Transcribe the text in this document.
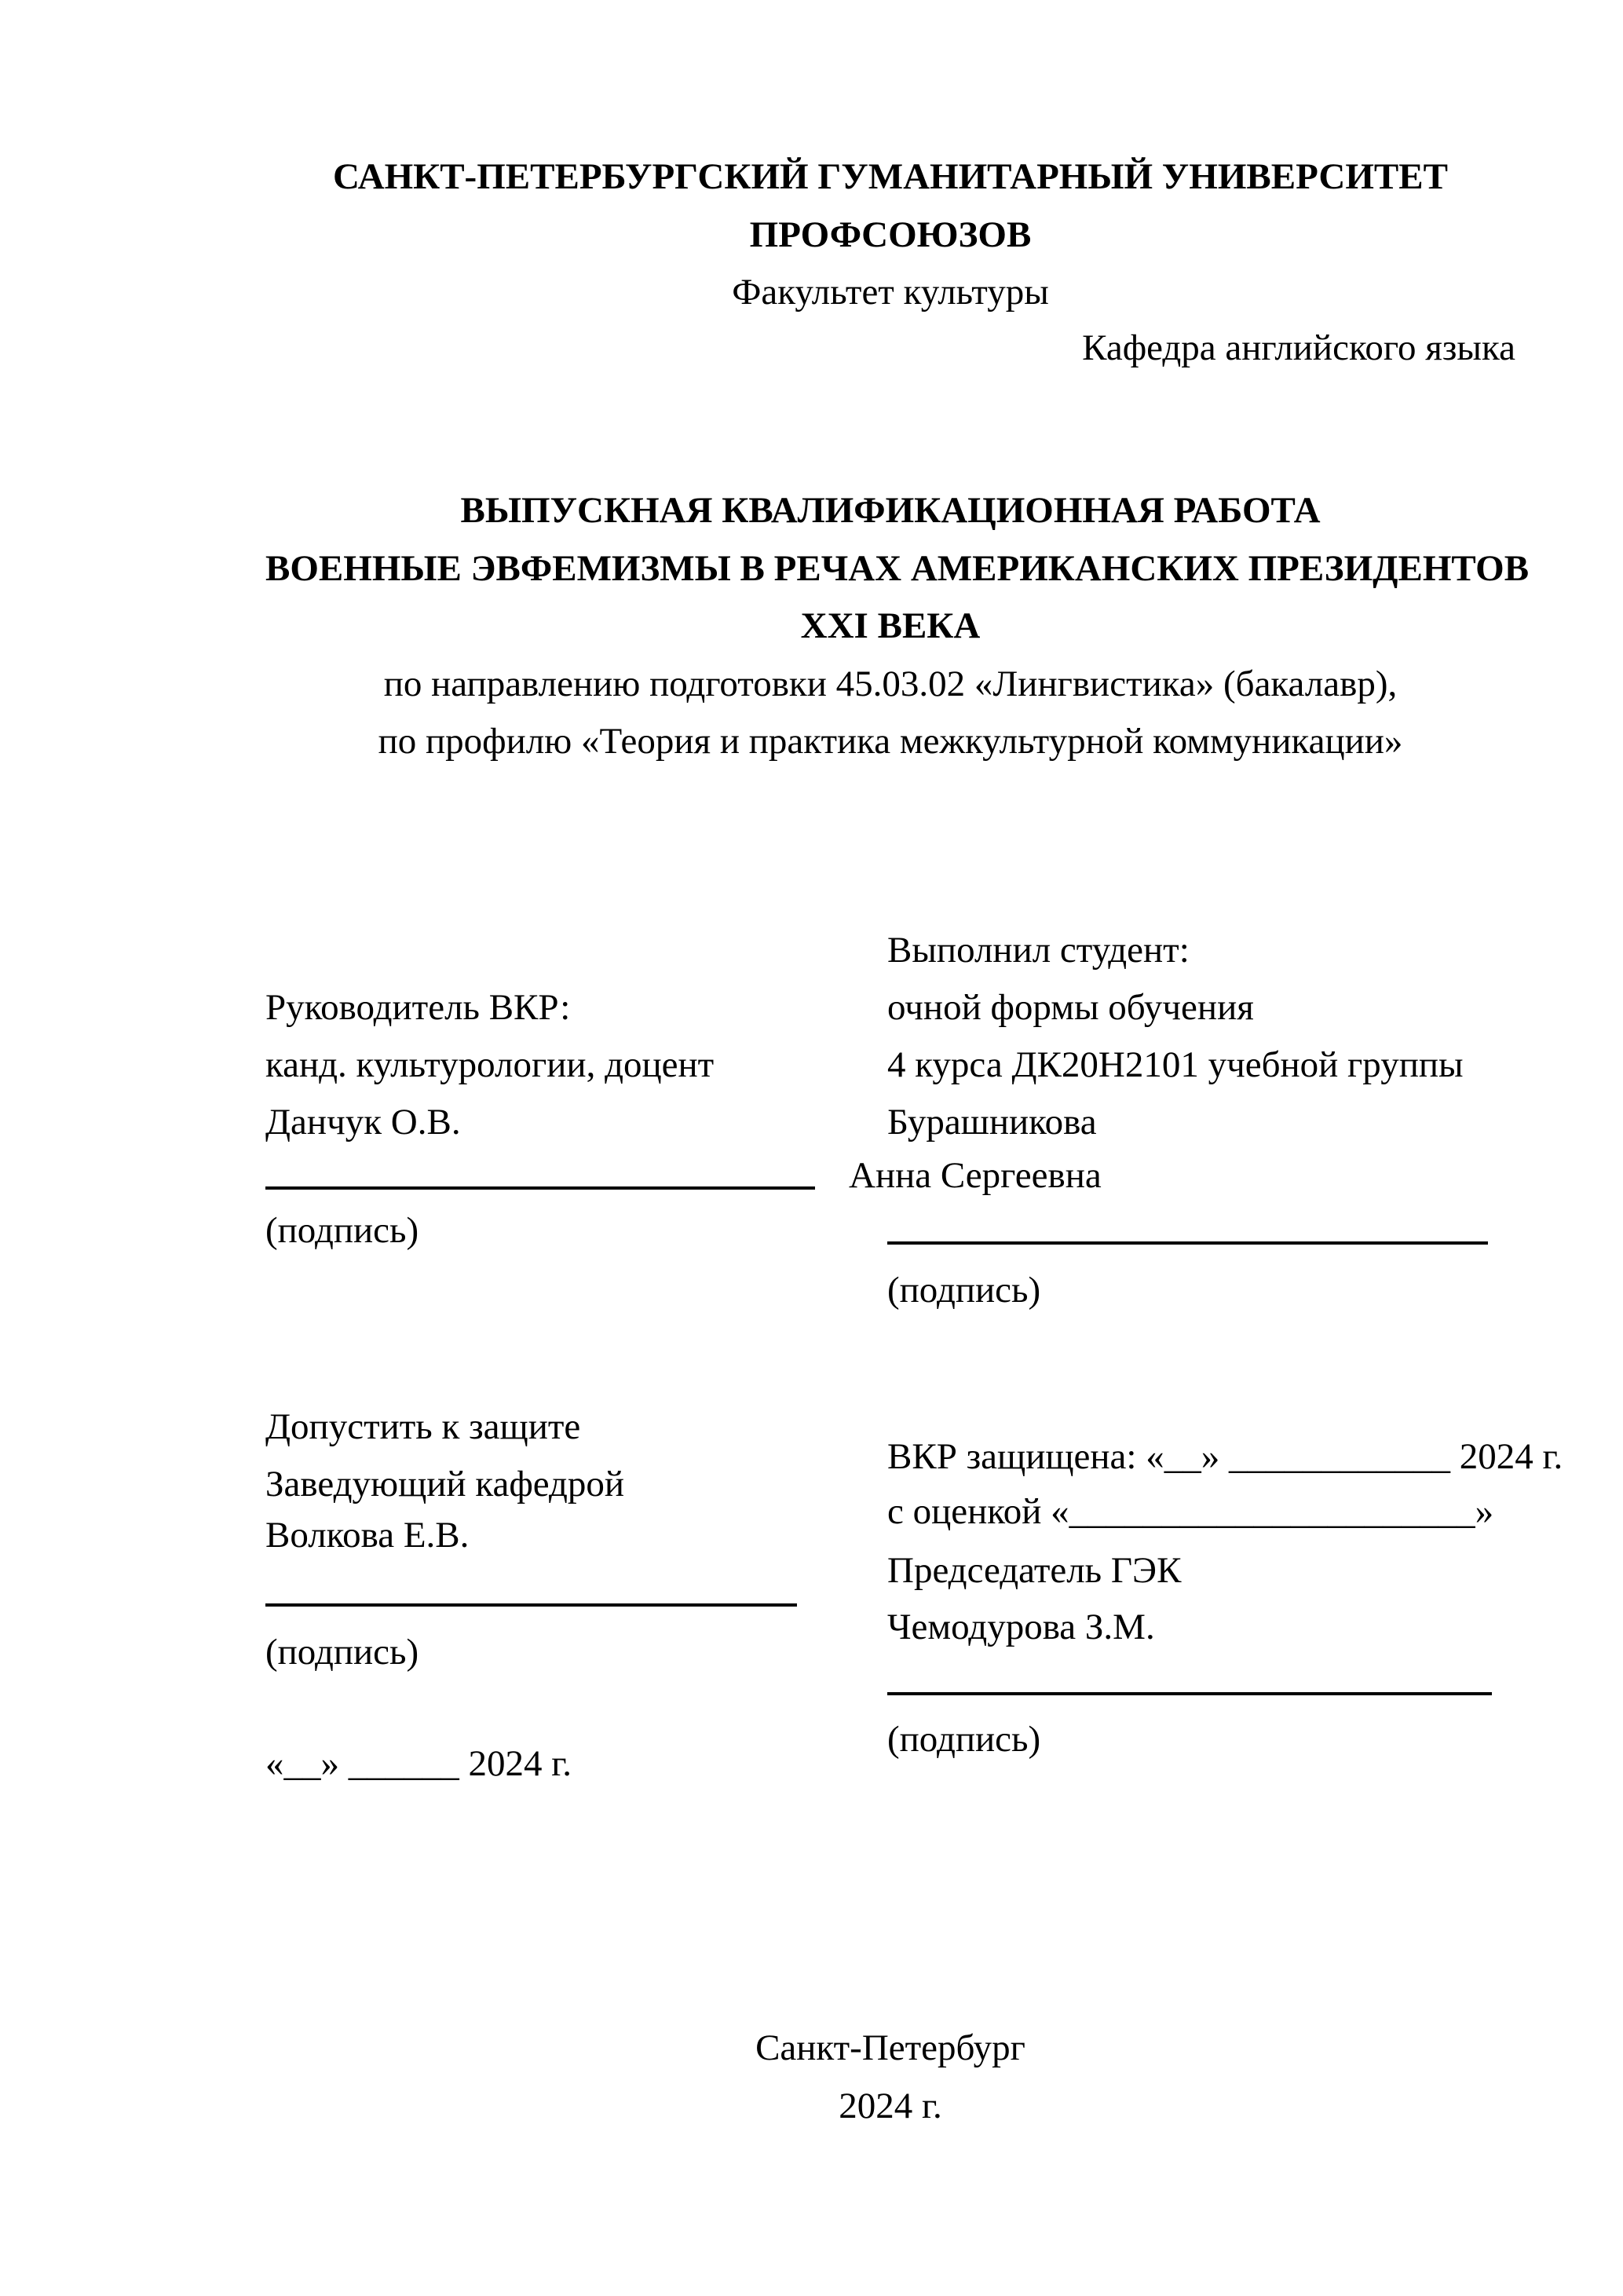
САНКТ-ПЕТЕРБУРГСКИЙ ГУМАНИТАРНЫЙ УНИВЕРСИТЕТ
ПРОФСОЮЗОВ
Факультет культуры
Кафедра английского языка
ВЫПУСКНАЯ КВАЛИФИКАЦИОННАЯ РАБОТА
ВОЕННЫЕ ЭВФЕМИЗМЫ В РЕЧАХ АМЕРИКАНСКИХ ПРЕЗИДЕНТОВ
XXI ВЕКА
по направлению подготовки 45.03.02 «Лингвистика» (бакалавр),
по профилю «Теория и практика межкультурной коммуникации»
Выполнил студент:
очной формы обучения
4 курса ДК20Н2101 учебной группы
Бурашникова
Анна Сергеевна
(подпись)
Руководитель ВКР:
канд. культурологии, доцент
Данчук О.В.
(подпись)
Допустить к защите
Заведующий кафедрой
Волкова Е.В.
(подпись)
«__» ______ 2024 г.
ВКР защищена: «__» ____________ 2024 г.
с оценкой «______________________»
Председатель ГЭК
Чемодурова З.М.
(подпись)
Санкт-Петербург
2024 г.
